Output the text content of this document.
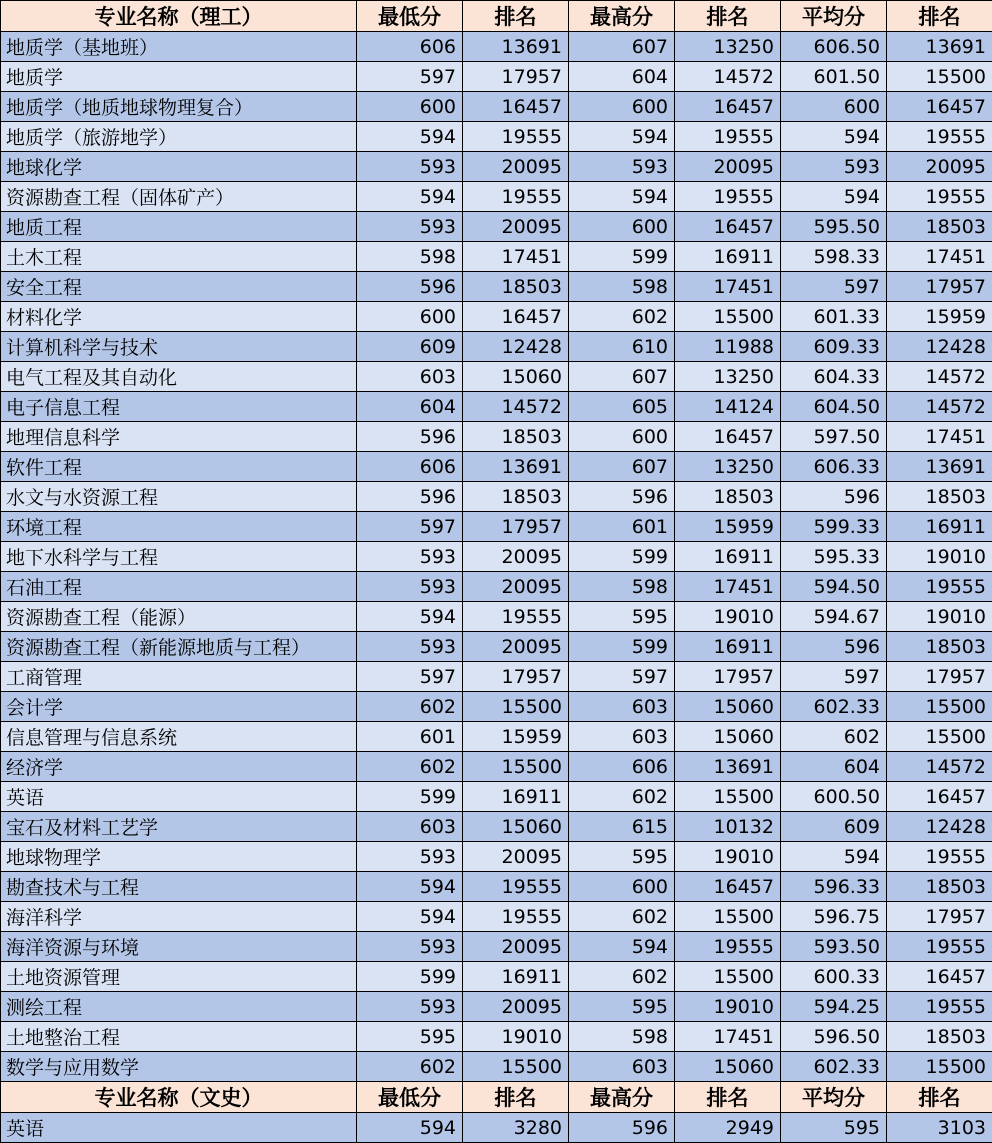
专业名称（理工）	最低分	排名	最高分	排名	平均分	排名
地质学（基地班）	606	13691	607	13250	606.50	13691
地质学	597	17957	604	14572	601.50	15500
地质学（地质地球物理复合）	600	16457	600	16457	600	16457
地质学（旅游地学）	594	19555	594	19555	594	19555
地球化学	593	20095	593	20095	593	20095
资源勘查工程（固体矿产）	594	19555	594	19555	594	19555
地质工程	593	20095	600	16457	595.50	18503
土木工程	598	17451	599	16911	598.33	17451
安全工程	596	18503	598	17451	597	17957
材料化学	600	16457	602	15500	601.33	15959
计算机科学与技术	609	12428	610	11988	609.33	12428
电气工程及其自动化	603	15060	607	13250	604.33	14572
电子信息工程	604	14572	605	14124	604.50	14572
地理信息科学	596	18503	600	16457	597.50	17451
软件工程	606	13691	607	13250	606.33	13691
水文与水资源工程	596	18503	596	18503	596	18503
环境工程	597	17957	601	15959	599.33	16911
地下水科学与工程	593	20095	599	16911	595.33	19010
石油工程	593	20095	598	17451	594.50	19555
资源勘查工程（能源）	594	19555	595	19010	594.67	19010
资源勘查工程（新能源地质与工程）	593	20095	599	16911	596	18503
工商管理	597	17957	597	17957	597	17957
会计学	602	15500	603	15060	602.33	15500
信息管理与信息系统	601	15959	603	15060	602	15500
经济学	602	15500	606	13691	604	14572
英语	599	16911	602	15500	600.50	16457
宝石及材料工艺学	603	15060	615	10132	609	12428
地球物理学	593	20095	595	19010	594	19555
勘查技术与工程	594	19555	600	16457	596.33	18503
海洋科学	594	19555	602	15500	596.75	17957
海洋资源与环境	593	20095	594	19555	593.50	19555
土地资源管理	599	16911	602	15500	600.33	16457
测绘工程	593	20095	595	19010	594.25	19555
土地整治工程	595	19010	598	17451	596.50	18503
数学与应用数学	602	15500	603	15060	602.33	15500
专业名称（文史）	最低分	排名	最高分	排名	平均分	排名
英语	594	3280	596	2949	595	3103
